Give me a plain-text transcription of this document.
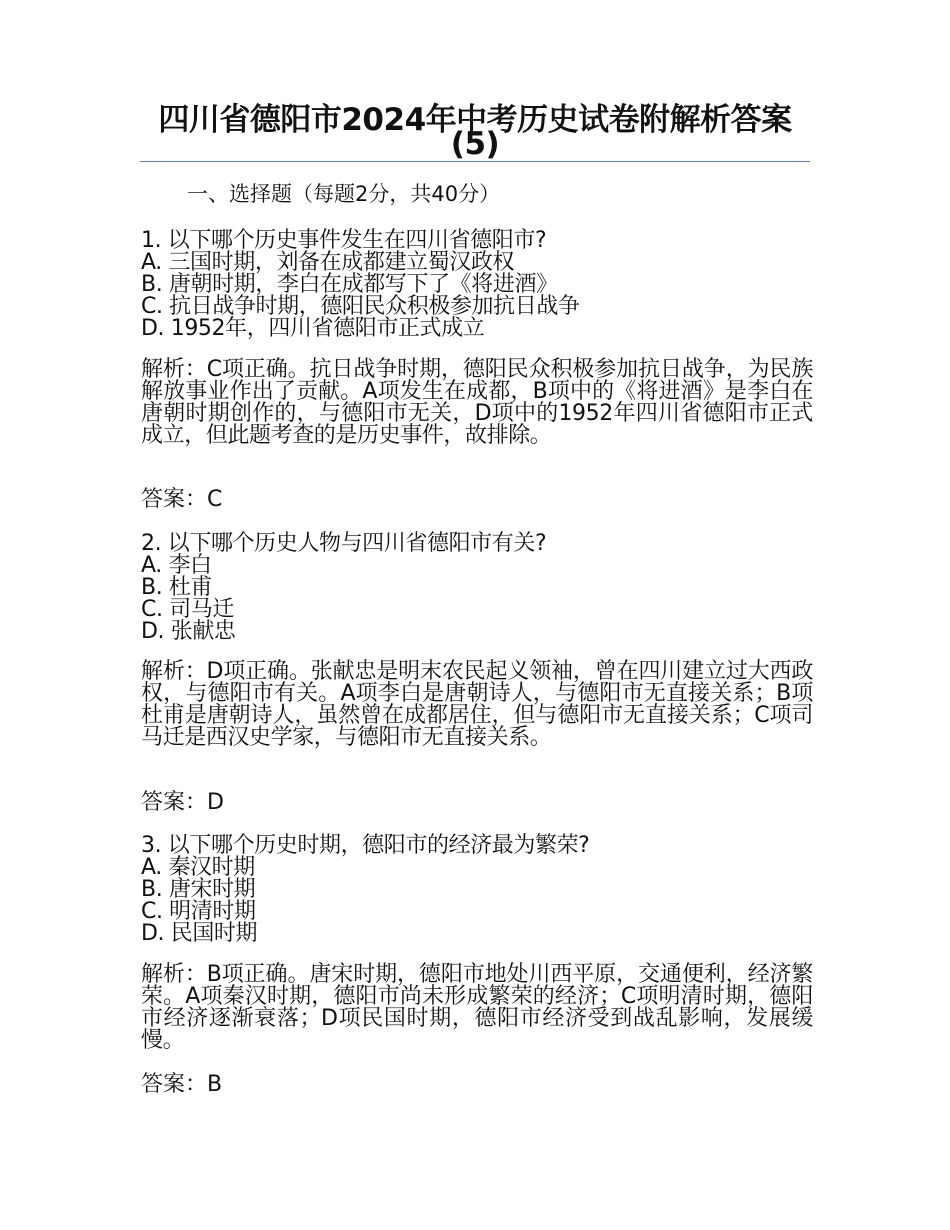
四川省德阳市2024年中考历史试卷附解析答案(5)
一、选择题（每题2分，共40分）
1. 以下哪个历史事件发生在四川省德阳市?
A. 三国时期，刘备在成都建立蜀汉政权
B. 唐朝时期，李白在成都写下了《将进酒》
C. 抗日战争时期，德阳民众积极参加抗日战争
D. 1952年，四川省德阳市正式成立
解析：C项正确。抗日战争时期，德阳民众积极参加抗日战争，为民族解放事业作出了贡献。A项发生在成都，B项中的《将进酒》是李白在唐朝时期创作的，与德阳市无关，D项中的1952年四川省德阳市正式成立，但此题考查的是历史事件，故排除。
答案：C
2. 以下哪个历史人物与四川省德阳市有关?
A. 李白
B. 杜甫
C. 司马迁
D. 张献忠
解析：D项正确。张献忠是明末农民起义领袖，曾在四川建立过大西政权，与德阳市有关。A项李白是唐朝诗人，与德阳市无直接关系；B项杜甫是唐朝诗人，虽然曾在成都居住，但与德阳市无直接关系；C项司马迁是西汉史学家，与德阳市无直接关系。
答案：D
3. 以下哪个历史时期，德阳市的经济最为繁荣?
A. 秦汉时期
B. 唐宋时期
C. 明清时期
D. 民国时期
解析：B项正确。唐宋时期，德阳市地处川西平原，交通便利，经济繁荣。A项秦汉时期，德阳市尚未形成繁荣的经济；C项明清时期，德阳市经济逐渐衰落；D项民国时期，德阳市经济受到战乱影响，发展缓慢。
答案：B
